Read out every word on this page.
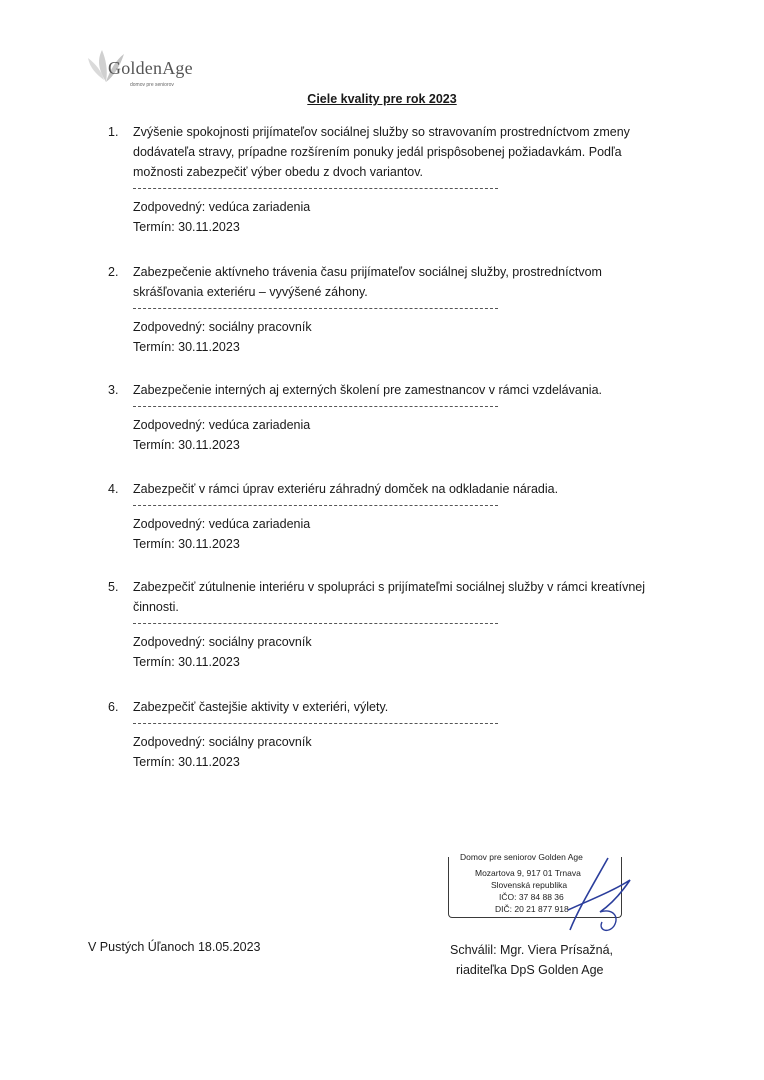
GoldenAge
domov pre seniorov
Ciele kvality pre rok 2023
1.	Zvýšenie spokojnosti prijímateľov sociálnej služby so stravovaním prostredníctvom zmeny dodávateľa stravy, prípadne rozšírením ponuky jedál prispôsobenej požiadavkám. Podľa možnosti zabezpečiť výber obedu z dvoch variantov.
Zodpovedný: vedúca zariadenia
Termín: 30.11.2023
2.	Zabezpečenie aktívneho trávenia času prijímateľov sociálnej služby, prostredníctvom skrášľovania exteriéru – vyvýšené záhony.
Zodpovedný: sociálny pracovník
Termín: 30.11.2023
3.	Zabezpečenie interných aj externých školení pre zamestnancov v rámci vzdelávania.
Zodpovedný: vedúca zariadenia
Termín: 30.11.2023
4.	Zabezpečiť v rámci úprav exteriéru záhradný domček na odkladanie náradia.
Zodpovedný: vedúca zariadenia
Termín: 30.11.2023
5.	Zabezpečiť zútulnenie interiéru v spolupráci s prijímateľmi sociálnej služby v rámci kreatívnej činnosti.
Zodpovedný: sociálny pracovník
Termín: 30.11.2023
6.	Zabezpečiť častejšie aktivity v exteriéri, výlety.
Zodpovedný: sociálny pracovník
Termín: 30.11.2023
Domov pre seniorov Golden Age
Mozartova 9, 917 01 Trnava
Slovenská republika
IČO: 37 84 88 36
DIČ: 20 21 877 918
V Pustých Úľanoch 18.05.2023	Schválil: Mgr. Viera Prísažná,
riaditeľka DpS Golden Age
